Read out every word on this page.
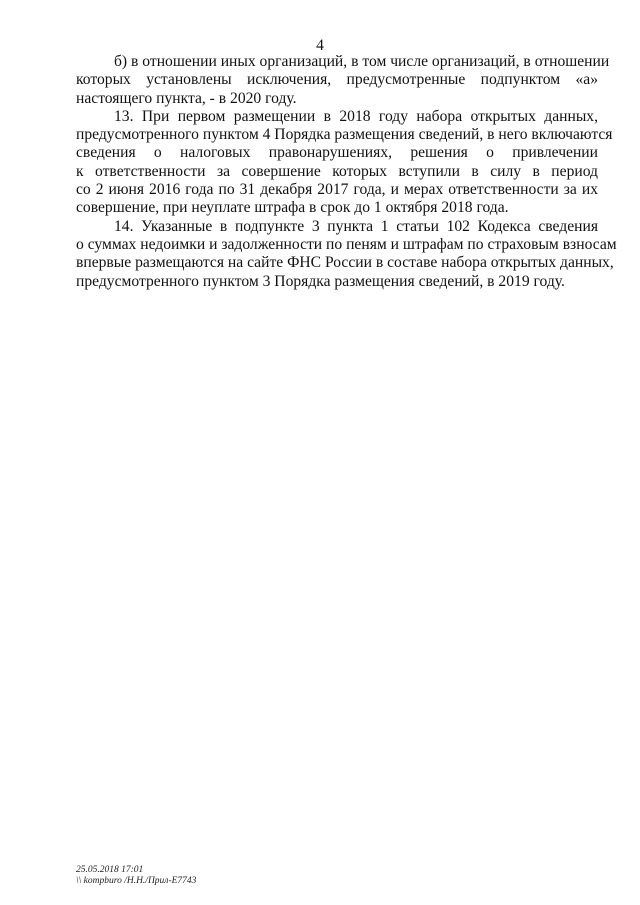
4

б) в отношении иных организаций, в том числе организаций, в отношении
которых установлены исключения, предусмотренные подпунктом «а»
настоящего пункта, - в 2020 году.

13. При первом размещении в 2018 году набора открытых данных,
предусмотренного пунктом 4 Порядка размещения сведений, в него включаются
сведения о налоговых правонарушениях, решения о привлечении
к ответственности за совершение которых вступили в силу в период
со 2 июня 2016 года по 31 декабря 2017 года, и мерах ответственности за их
совершение, при неуплате штрафа в срок до 1 октября 2018 года.

14. Указанные в подпункте 3 пункта 1 статьи 102 Кодекса сведения
о суммах недоимки и задолженности по пеням и штрафам по страховым взносам
впервые размещаются на сайте ФНС России в составе набора открытых данных,
предусмотренного пунктом 3 Порядка размещения сведений, в 2019 году.

25.05.2018 17:01
\\ kompburo /Н.Н./Прил-Е7743
